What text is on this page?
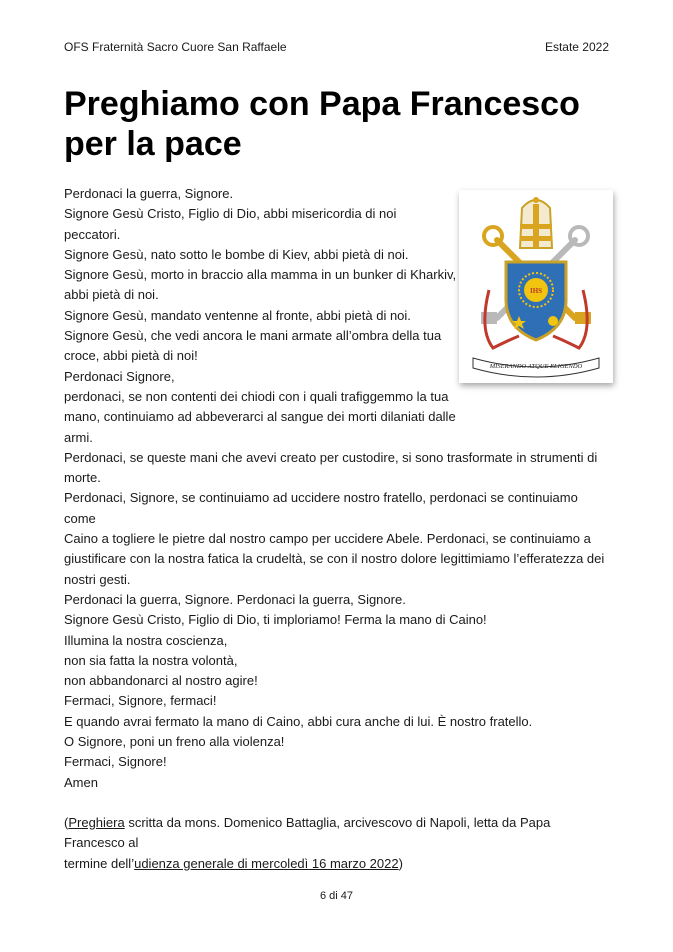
OFS Fraternità Sacro Cuore San Raffaele	Estate 2022
Preghiamo con Papa Francesco
per la pace
IHS
MISERANDO ATQUE ELIGENDO
Perdonaci la guerra, Signore.
Signore Gesù Cristo, Figlio di Dio, abbi misericordia di noi
peccatori.
Signore Gesù, nato sotto le bombe di Kiev, abbi pietà di noi.
Signore Gesù, morto in braccio alla mamma in un bunker di Kharkiv,
abbi pietà di noi.
Signore Gesù, mandato ventenne al fronte, abbi pietà di noi.
Signore Gesù, che vedi ancora le mani armate all’ombra della tua
croce, abbi pietà di noi!
Perdonaci Signore,
perdonaci, se non contenti dei chiodi con i quali trafiggemmo la tua
mano, continuiamo ad abbeverarci al sangue dei morti dilaniati dalle
armi.
Perdonaci, se queste mani che avevi creato per custodire, si sono trasformate in strumenti di
morte.
Perdonaci, Signore, se continuiamo ad uccidere nostro fratello, perdonaci se continuiamo come
Caino a togliere le pietre dal nostro campo per uccidere Abele. Perdonaci, se continuiamo a
giustificare con la nostra fatica la crudeltà, se con il nostro dolore legittimiamo l’efferatezza dei
nostri gesti.
Perdonaci la guerra, Signore. Perdonaci la guerra, Signore.
Signore Gesù Cristo, Figlio di Dio, ti imploriamo! Ferma la mano di Caino!
Illumina la nostra coscienza,
non sia fatta la nostra volontà,
non abbandonarci al nostro agire!
Fermaci, Signore, fermaci!
E quando avrai fermato la mano di Caino, abbi cura anche di lui. È nostro fratello.
O Signore, poni un freno alla violenza!
Fermaci, Signore!
Amen
(Preghiera scritta da mons. Domenico Battaglia, arcivescovo di Napoli, letta da Papa Francesco al
termine dell’udienza generale di mercoledì 16 marzo 2022)
6 di 47
